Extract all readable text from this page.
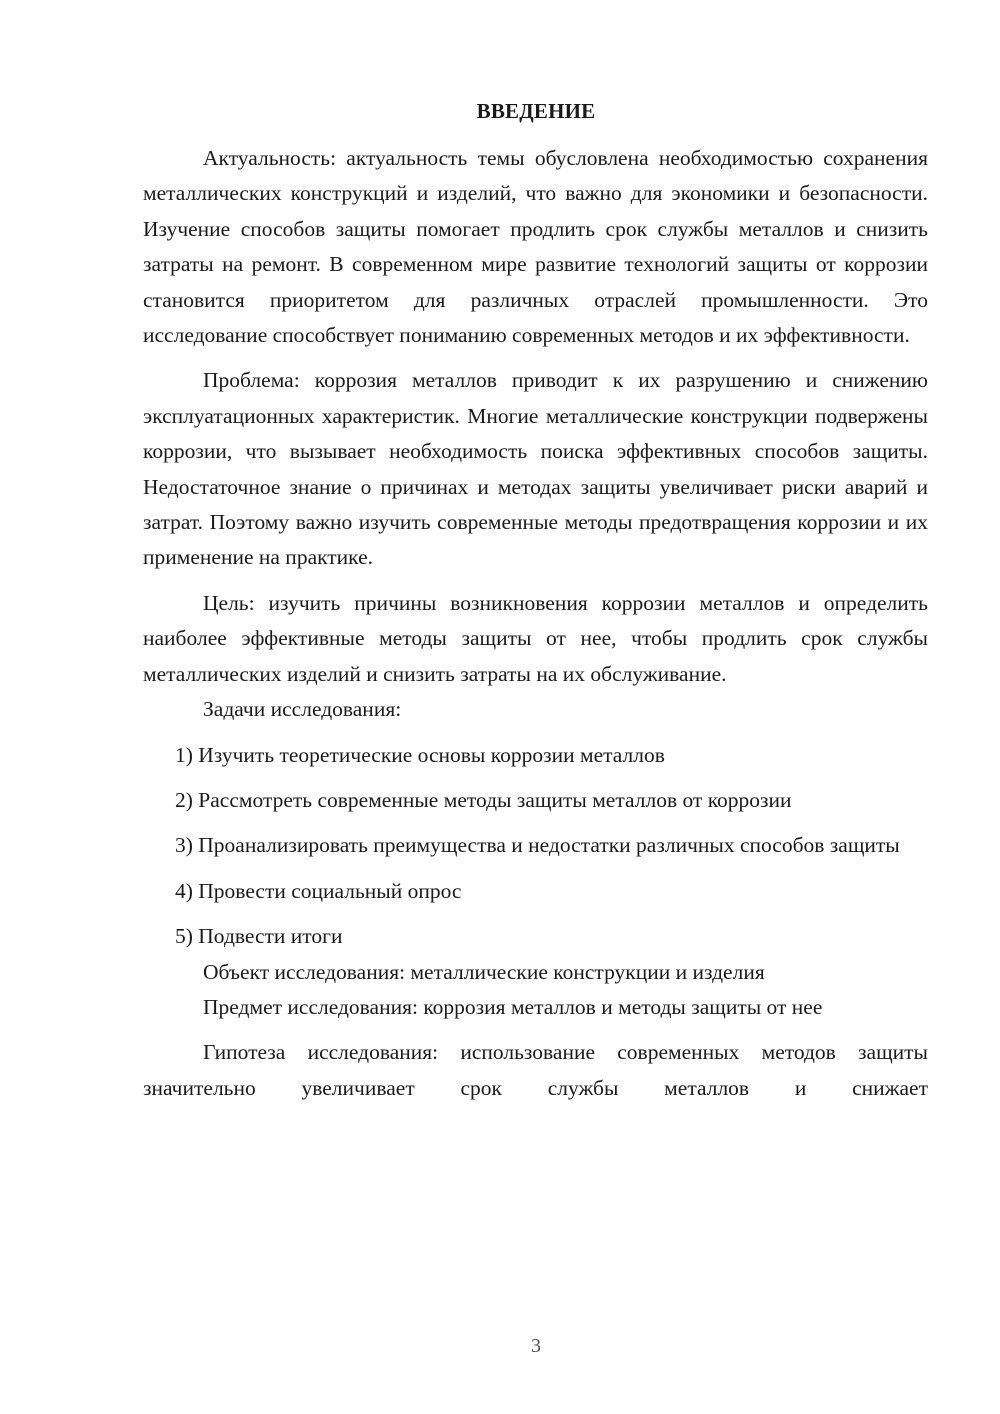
ВВЕДЕНИЕ

Актуальность: актуальность темы обусловлена необходимостью сохранения металлических конструкций и изделий, что важно для экономики и безопасности. Изучение способов защиты помогает продлить срок службы металлов и снизить затраты на ремонт. В современном мире развитие технологий защиты от коррозии становится приоритетом для различных отраслей промышленности. Это исследование способствует пониманию современных методов и их эффективности.

Проблема: коррозия металлов приводит к их разрушению и снижению эксплуатационных характеристик. Многие металлические конструкции подвержены коррозии, что вызывает необходимость поиска эффективных способов защиты. Недостаточное знание о причинах и методах защиты увеличивает риски аварий и затрат. Поэтому важно изучить современные методы предотвращения коррозии и их применение на практике.

Цель: изучить причины возникновения коррозии металлов и определить наиболее эффективные методы защиты от нее, чтобы продлить срок службы металлических изделий и снизить затраты на их обслуживание.

Задачи исследования:

1) Изучить теоретические основы коррозии металлов

2) Рассмотреть современные методы защиты металлов от коррозии

3) Проанализировать преимущества и недостатки различных способов защиты

4) Провести социальный опрос

5) Подвести итоги

Объект исследования: металлические конструкции и изделия

Предмет исследования: коррозия металлов и методы защиты от нее

Гипотеза исследования: использование современных методов защиты значительно увеличивает срок службы металлов и снижает

3
